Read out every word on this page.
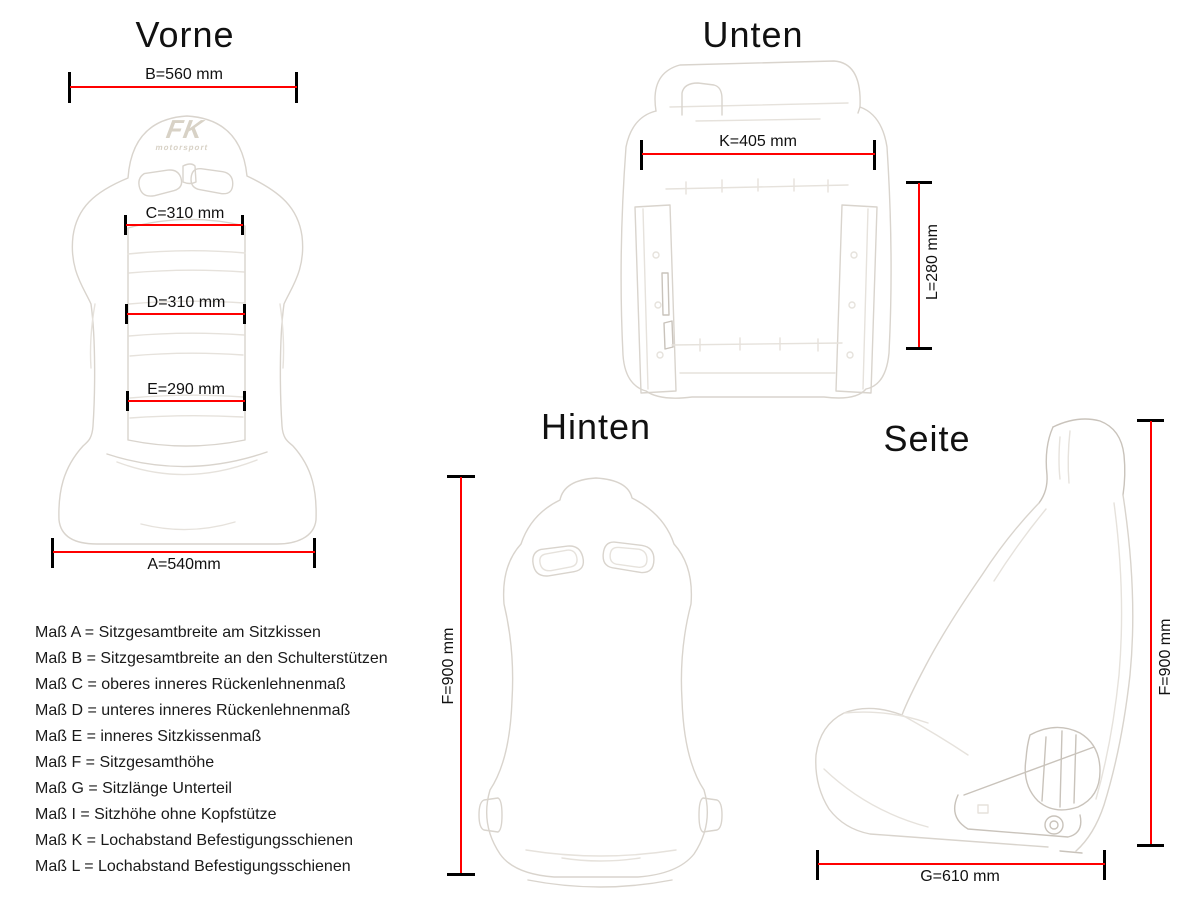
Vorne	Unten
Hinten	Seite
FK
motorsport
B=560 mm
C=310 mm
D=310 mm
E=290 mm
A=540mm
K=405 mm
L=280 mm
F=900 mm	F=900 mm
G=610 mm

Maß A = Sitzgesamtbreite am Sitzkissen

Maß B = Sitzgesamtbreite an den Schulterstützen

Maß C = oberes inneres Rückenlehnenmaß

Maß D = unteres inneres Rückenlehnenmaß

Maß E = inneres Sitzkissenmaß

Maß F = Sitzgesamthöhe

Maß G = Sitzlänge Unterteil

Maß I = Sitzhöhe ohne Kopfstütze

Maß K = Lochabstand Befestigungsschienen

Maß L = Lochabstand Befestigungsschienen
